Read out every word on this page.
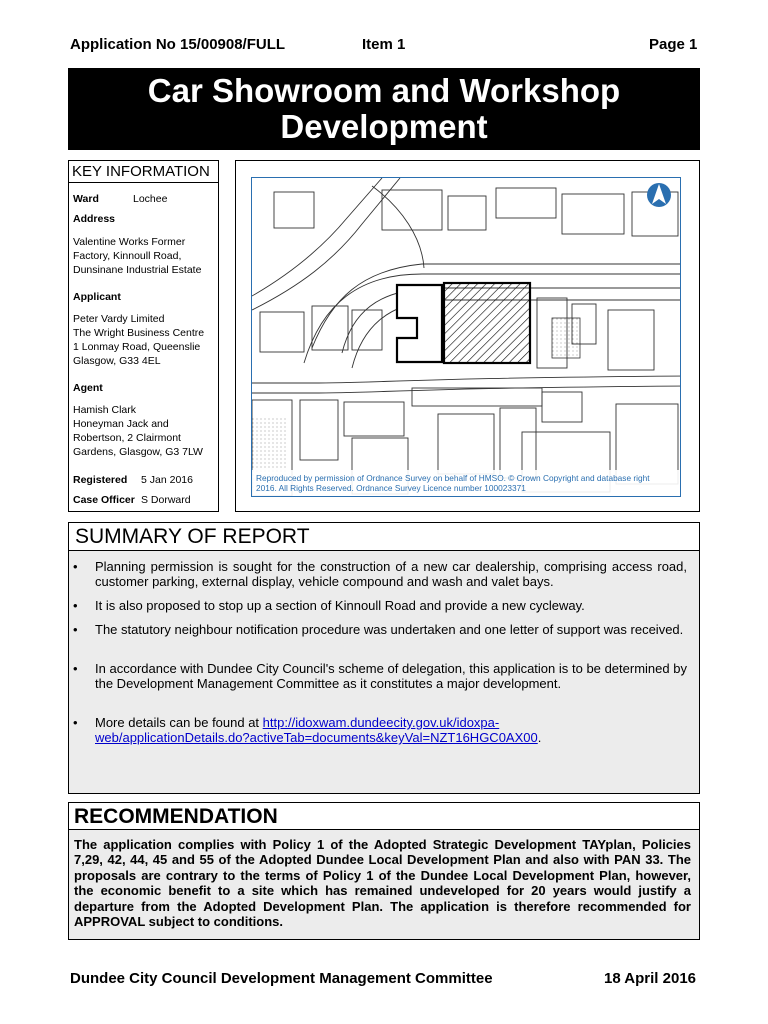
Application No 15/00908/FULL	Item 1	Page 1
Car Showroom and Workshop
Development
KEY INFORMATION
Ward	Lochee
Address
Valentine Works Former
Factory, Kinnoull Road,
Dunsinane Industrial Estate
Applicant
Peter Vardy Limited
The Wright Business Centre
1 Lonmay Road, Queenslie
Glasgow, G33 4EL
Agent
Hamish Clark
Honeyman Jack and
Robertson, 2 Clairmont
Gardens, Glasgow, G3 7LW
Registered 5 Jan 2016
Case Officer S Dorward
Reproduced by permission of Ordnance Survey on behalf of HMSO. © Crown Copyright and database right
2016. All Rights Reserved. Ordnance Survey Licence number 100023371
SUMMARY OF REPORT
• Planning permission is sought for the construction of a new car dealership, comprising access road, customer parking, external display, vehicle compound and wash and valet bays.
• It is also proposed to stop up a section of Kinnoull Road and provide a new cycleway.
• The statutory neighbour notification procedure was undertaken and one letter of support was received.
• In accordance with Dundee City Council's scheme of delegation, this application is to be determined by the Development Management Committee as it constitutes a major development.
• More details can be found at http://idoxwam.dundeecity.gov.uk/idoxpa-
web/applicationDetails.do?activeTab=documents&keyVal=NZT16HGC0AX00.
RECOMMENDATION
The application complies with Policy 1 of the Adopted Strategic Development TAYplan, Policies 7,29, 42, 44, 45 and 55 of the Adopted Dundee Local Development Plan and also with PAN 33. The proposals are contrary to the terms of Policy 1 of the Dundee Local Development Plan, however, the economic benefit to a site which has remained undeveloped for 20 years would justify a departure from the Adopted Development Plan. The application is therefore recommended for APPROVAL subject to conditions.
Dundee City Council Development Management Committee	18 April 2016
